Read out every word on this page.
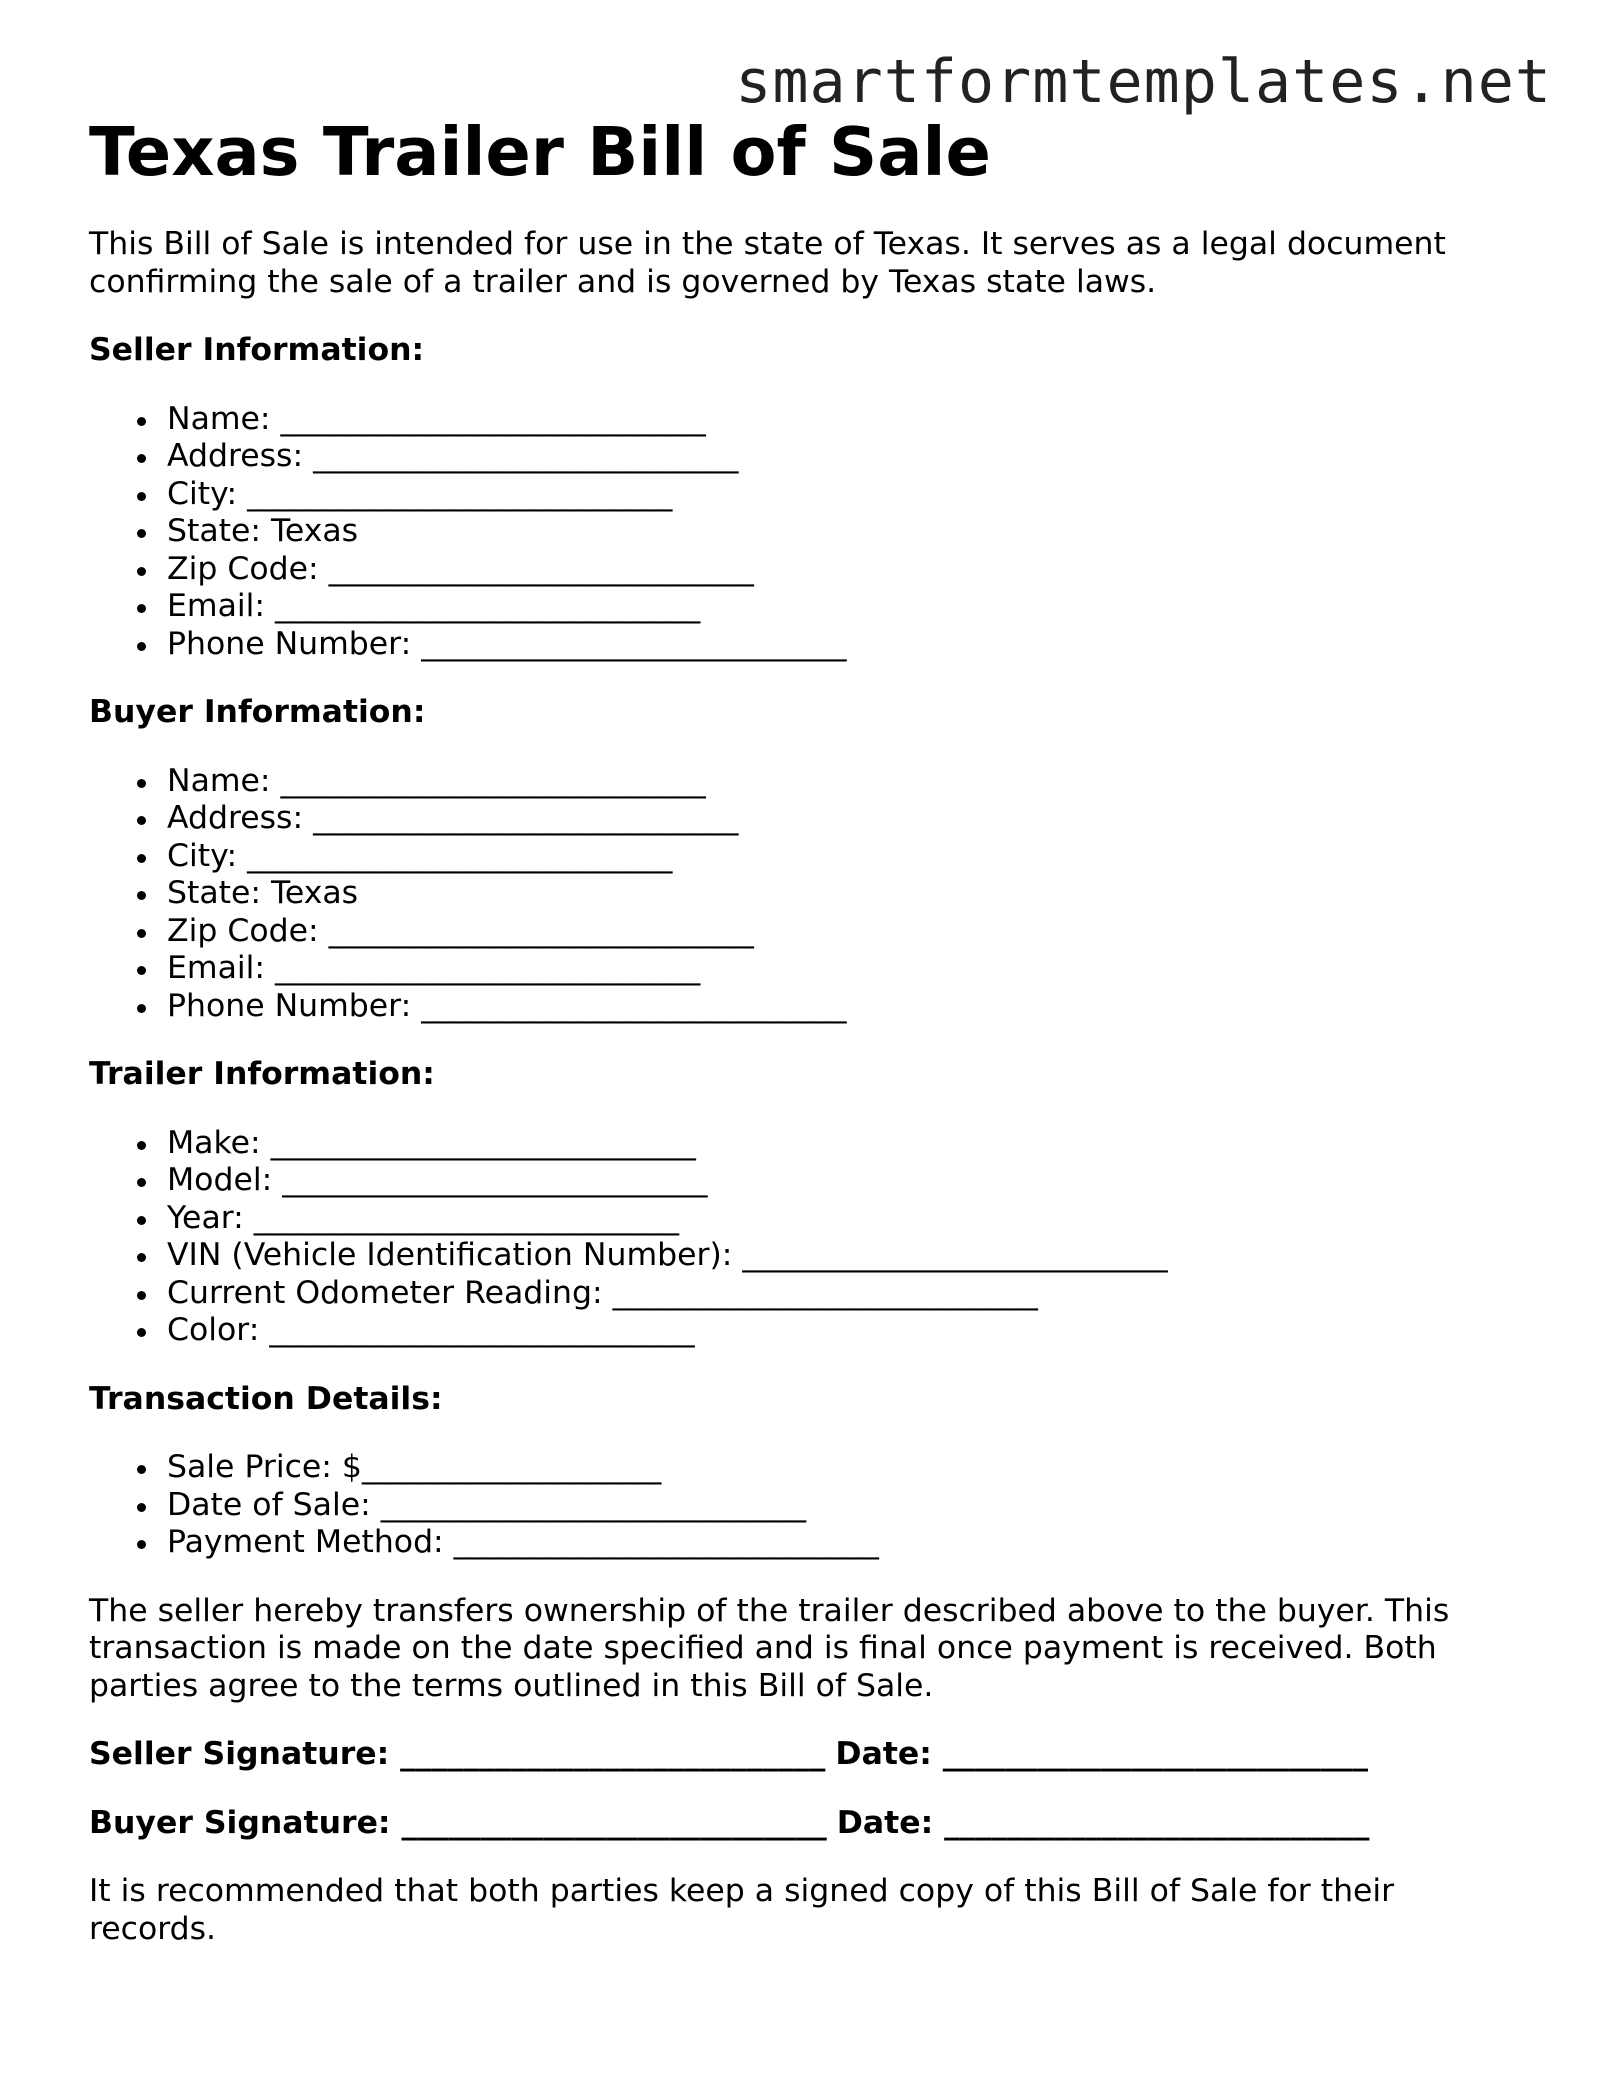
smartformtemplates.net
Texas Trailer Bill of Sale

This Bill of Sale is intended for use in the state of Texas. It serves as a legal document confirming the sale of a trailer and is governed by Texas state laws.

Seller Information:
Name: ___________________________
Address: ___________________________
City: ___________________________
State: Texas
Zip Code: ___________________________
Email: ___________________________
Phone Number: ___________________________
Buyer Information:
Name: ___________________________
Address: ___________________________
City: ___________________________
State: Texas
Zip Code: ___________________________
Email: ___________________________
Phone Number: ___________________________
Trailer Information:
Make: ___________________________
Model: ___________________________
Year: ___________________________
VIN (Vehicle Identification Number): ___________________________
Current Odometer Reading: ___________________________
Color: ___________________________
Transaction Details:
Sale Price: $___________________
Date of Sale: ___________________________
Payment Method: ___________________________

The seller hereby transfers ownership of the trailer described above to the buyer. This transaction is made on the date specified and is final once payment is received. Both parties agree to the terms outlined in this Bill of Sale.

Seller Signature: ___________________________ Date: ___________________________
Buyer Signature: ___________________________ Date: ___________________________

It is recommended that both parties keep a signed copy of this Bill of Sale for their records.
